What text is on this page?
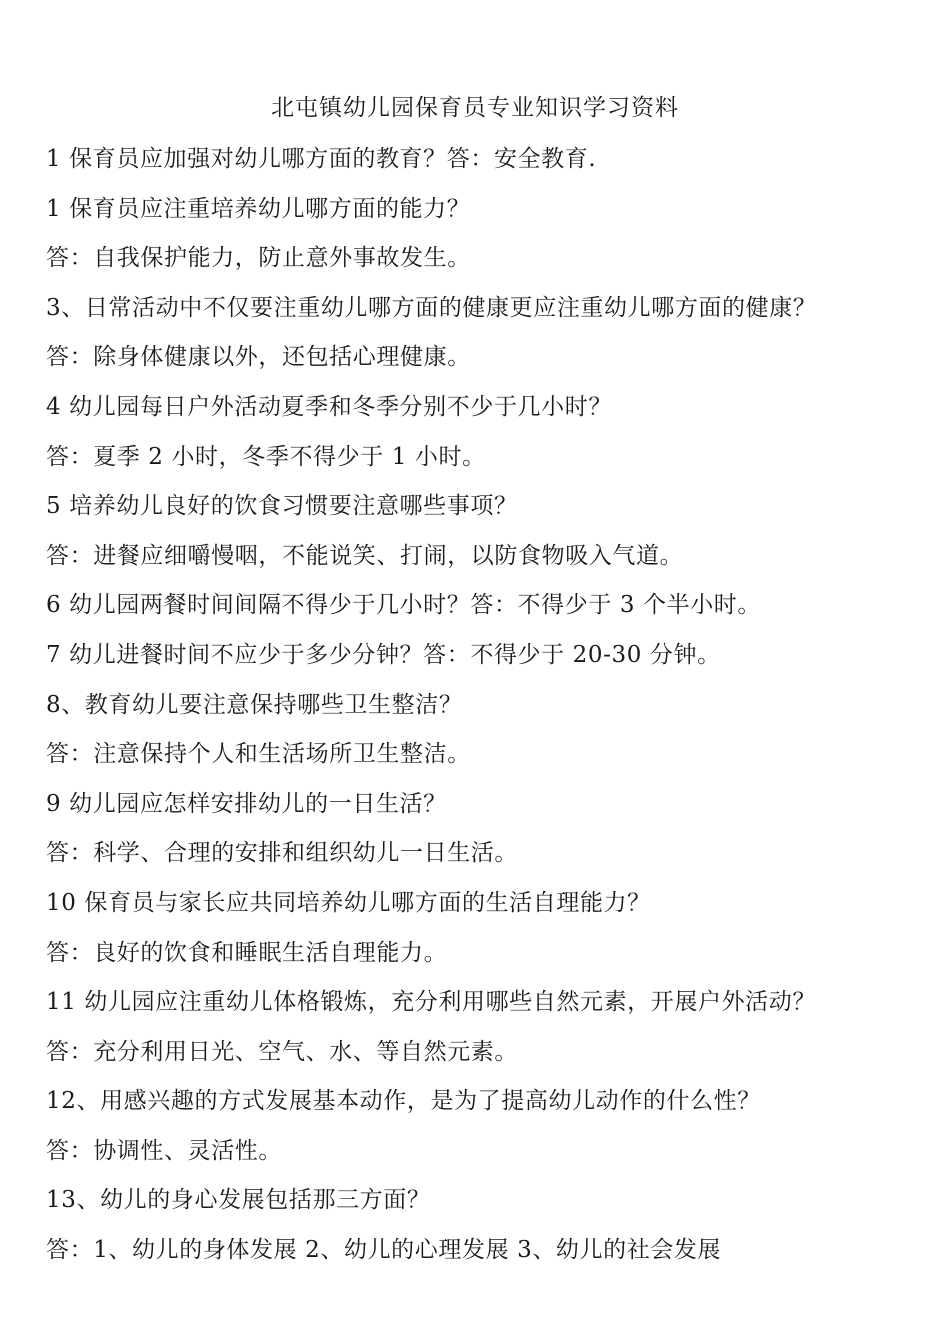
北屯镇幼儿园保育员专业知识学习资料
1 保育员应加强对幼儿哪方面的教育？答：安全教育.
1 保育员应注重培养幼儿哪方面的能力？
答：自我保护能力，防止意外事故发生。
3、日常活动中不仅要注重幼儿哪方面的健康更应注重幼儿哪方面的健康？
答：除身体健康以外，还包括心理健康。
4 幼儿园每日户外活动夏季和冬季分别不少于几小时？
答：夏季 2 小时，冬季不得少于 1 小时。
5 培养幼儿良好的饮食习惯要注意哪些事项？
答：进餐应细嚼慢咽，不能说笑、打闹，以防食物吸入气道。
6 幼儿园两餐时间间隔不得少于几小时？答：不得少于 3 个半小时。
7 幼儿进餐时间不应少于多少分钟？答：不得少于 20-30 分钟。
8、教育幼儿要注意保持哪些卫生整洁？
答：注意保持个人和生活场所卫生整洁。
9 幼儿园应怎样安排幼儿的一日生活？
答：科学、合理的安排和组织幼儿一日生活。
10 保育员与家长应共同培养幼儿哪方面的生活自理能力？
答：良好的饮食和睡眠生活自理能力。
11 幼儿园应注重幼儿体格锻炼，充分利用哪些自然元素，开展户外活动？
答：充分利用日光、空气、水、等自然元素。
12、用感兴趣的方式发展基本动作，是为了提高幼儿动作的什么性？
答：协调性、灵活性。
13、幼儿的身心发展包括那三方面？
答：1、幼儿的身体发展 2、幼儿的心理发展 3、幼儿的社会发展
